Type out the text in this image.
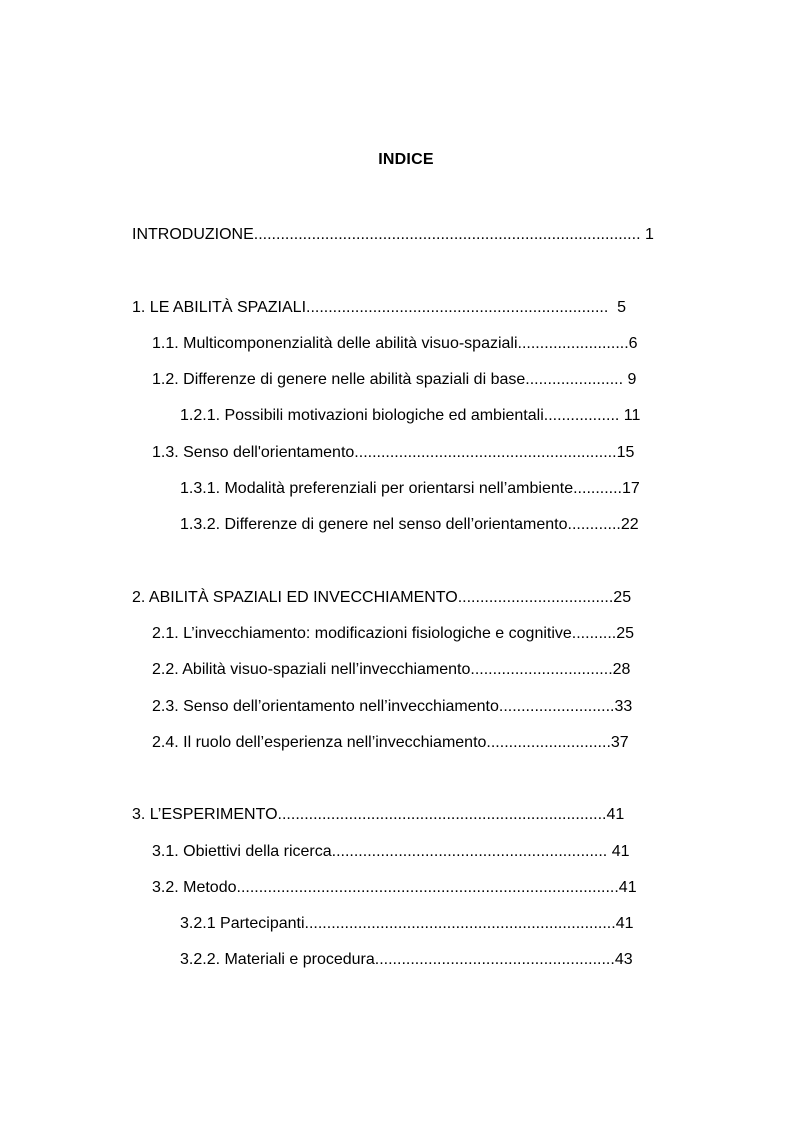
INDICE
INTRODUZIONE....................................................................................... 1
1. LE ABILITÀ SPAZIALI....................................................................  5
1.1. Multicomponenzialità delle abilità visuo-spaziali.........................6
1.2. Differenze di genere nelle abilità spaziali di base...................... 9
1.2.1. Possibili motivazioni biologiche ed ambientali................. 11
1.3. Senso dell'orientamento...........................................................15
1.3.1. Modalità preferenziali per orientarsi nell’ambiente...........17
1.3.2. Differenze di genere nel senso dell’orientamento............22
2. ABILITÀ SPAZIALI ED INVECCHIAMENTO...................................25
2.1. L’invecchiamento: modificazioni fisiologiche e cognitive..........25
2.2. Abilità visuo-spaziali nell’invecchiamento................................28
2.3. Senso dell’orientamento nell’invecchiamento..........................33
2.4. Il ruolo dell’esperienza nell’invecchiamento............................37
3. L’ESPERIMENTO..........................................................................41
3.1. Obiettivi della ricerca.............................................................. 41
3.2. Metodo......................................................................................41
3.2.1 Partecipanti......................................................................41
3.2.2. Materiali e procedura......................................................43
